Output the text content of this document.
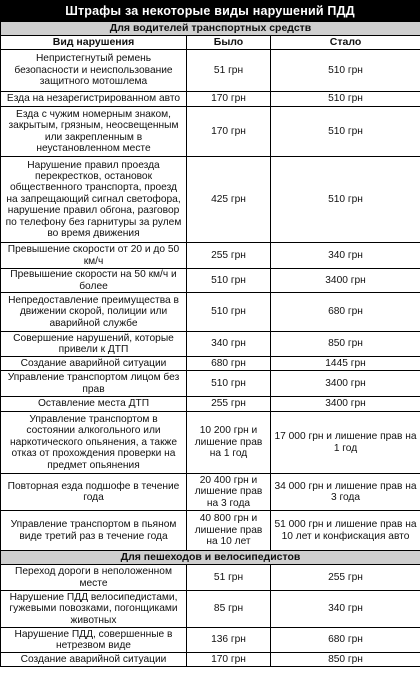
Штрафы за некоторые виды нарушений ПДД
Для водителей транспортных средств		
Вид нарушения	Было	Стало
Непристегнутый ремень безопасности и неиспользование защитного мотошлема	51 грн	510 грн
Езда на незарегистрированном авто	170 грн	510 грн
Езда с чужим номерным знаком, закрытым, грязным, неосвещенным или закрепленным в неустановленном месте	170 грн	510 грн
Нарушение правил проезда перекрестков, остановок общественного транспорта, проезд на запрещающий сигнал светофора, нарушение правил обгона, разговор по телефону без гарнитуры за рулем во время движения	425 грн	510 грн
Превышение скорости от 20 и до 50 км/ч	255 грн	340 грн
Превышение скорости на 50 км/ч и более	510 грн	3400 грн
Непредоставление преимущества в движении скорой, полиции или аварийной службе	510 грн	680 грн
Совершение нарушений, которые привели к ДТП	340 грн	850 грн
Создание аварийной ситуации	680 грн	1445 грн
Управление транспортом лицом без прав	510 грн	3400 грн
Оставление места ДТП	255 грн	3400 грн
Управление транспортом в состоянии алкогольного или наркотического опьянения, а также отказ от прохождения проверки на предмет опьянения	10 200 грн и лишение прав на 1 год	17 000 грн и лишение прав на 1 год
Повторная езда подшофе в течение года	20 400 грн и лишение прав на 3 года	34 000 грн и лишение прав на 3 года
Управление транспортом в пьяном виде третий раз в течение года	40 800 грн и лишение прав на 10 лет	51 000 грн и лишение прав на 10 лет и конфискация авто
Для пешеходов и велосипедистов		
Переход дороги в неположенном месте	51 грн	255 грн
Нарушение ПДД велосипедистами, гужевыми повозками, погонщиками животных	85 грн	340 грн
Нарушение ПДД, совершенные в нетрезвом виде	136 грн	680 грн
Создание аварийной ситуации	170 грн	850 грн
